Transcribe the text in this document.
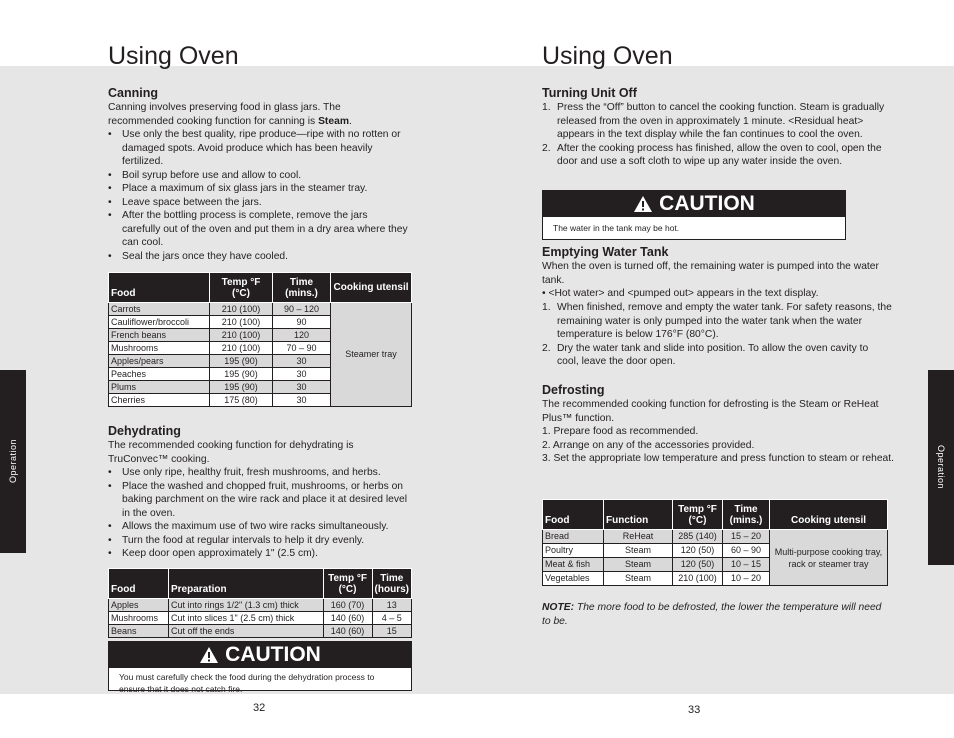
Using Oven
Canning
Canning involves preserving food in glass jars. The recommended cooking function for canning is Steam.
• Use only the best quality, ripe produce—ripe with no rotten or damaged spots. Avoid produce which has been heavily fertilized.
• Boil syrup before use and allow to cool.
• Place a maximum of six glass jars in the steamer tray.
• Leave space between the jars.
• After the bottling process is complete, remove the jars carefully out of the oven and put them in a dry area where they can cool.
• Seal the jars once they have cooled.
Food	Temp °F (°C)	Time (mins.)	Cooking utensil
Carrots	210 (100)	90 – 120	Steamer tray
Cauliflower/broccoli	210 (100)	90	
French beans	210 (100)	120	
Mushrooms	210 (100)	70 – 90	
Apples/pears	195 (90)	30	
Peaches	195 (90)	30	
Plums	195 (90)	30	
Cherries	175 (80)	30	
Dehydrating
The recommended cooking function for dehydrating is TruConvec™ cooking.
• Use only ripe, healthy fruit, fresh mushrooms, and herbs.
• Place the washed and chopped fruit, mushrooms, or herbs on baking parchment on the wire rack and place it at desired level in the oven.
• Allows the maximum use of two wire racks simultaneously.
• Turn the food at regular intervals to help it dry evenly.
• Keep door open approximately 1" (2.5 cm).
Food	Preparation	Temp °F (°C)	Time (hours)
Apples	Cut into rings 1/2" (1.3 cm) thick	160 (70)	13
Mushrooms	Cut into slices 1" (2.5 cm) thick	140 (60)	4 – 5
Beans	Cut off the ends	140 (60)	15
CAUTION
You must carefully check the food during the dehydration process to ensure that it does not catch fire.
32
Operation
Using Oven
Turning Unit Off
1. Press the “Off” button to cancel the cooking function. Steam is gradually released from the oven in approximately 1 minute. <Residual heat> appears in the text display while the fan continues to cool the oven.
2. After the cooking process has finished, allow the oven to cool, open the door and use a soft cloth to wipe up any water inside the oven.
CAUTION
The water in the tank may be hot.
Emptying Water Tank
When the oven is turned off, the remaining water is pumped into the water tank.
• <Hot water> and <pumped out> appears in the text display.
1. When finished, remove and empty the water tank. For safety reasons, the remaining water is only pumped into the water tank when the water temperature is below 176°F (80°C).
2. Dry the water tank and slide into position. To allow the oven cavity to cool, leave the door open.
Defrosting
The recommended cooking function for defrosting is the Steam or ReHeat Plus™ function.
1. Prepare food as recommended.
2. Arrange on any of the accessories provided.
3. Set the appropriate low temperature and press function to steam or reheat.
Food	Function	Temp °F (°C)	Time (mins.)	Cooking utensil
Bread	ReHeat	285 (140)	15 – 20	Multi-purpose cooking tray, rack or steamer tray
Poultry	Steam	120 (50)	60 – 90	
Meat & fish	Steam	120 (50)	10 – 15	
Vegetables	Steam	210 (100)	10 – 20	
NOTE: The more food to be defrosted, the lower the temperature will need to be.
33
Operation
